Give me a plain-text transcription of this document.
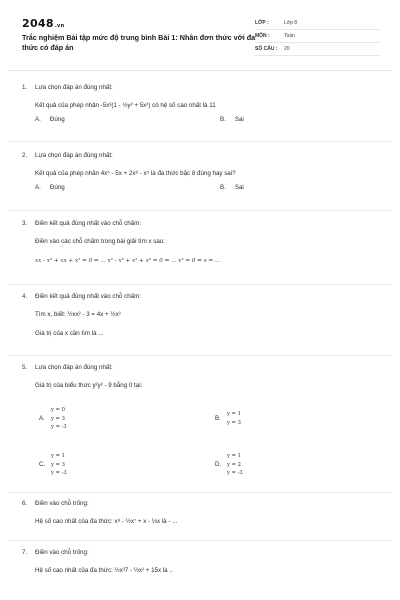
2048.vn
Trắc nghiệm Bài tập mức độ trung bình Bài 1: Nhân đơn thức với đa thức có đáp án
LỚP :	Lớp 8
MÔN :	Toán
SỐ CÂU :	20
1.	Lựa chọn đáp án đúng nhất:
Kết quả của phép nhân -5x³(1 - ½y² + 5x²) có hệ số cao nhất là 11
A. Đúng	B. Sai
2.	Lựa chọn đáp án đúng nhất:
Kết quả của phép nhân 4x⁵ - 5x + 2x⁸ - x⁵ là đa thức bậc 8 đúng hay sai?
A. Đúng	B. Sai
3.	Điền kết quả đúng nhất vào chỗ chấm:
Điền vào các chỗ chấm trong bài giải tìm x sau:
xx - x² + xx + x² = 0 ⇔ ... x² - x³ + x² + x³ = 0 ⇔ ... x² = 0 ⇔ x = ...
4.	Điền kết quả đúng nhất vào chỗ chấm:
Tìm x, biết: ½xx² - 3 = 4x + ½x³
Giá trị của x cần tìm là ...
5.	Lựa chọn đáp án đúng nhất:
Giá trị của biểu thức y²y² - 9 bằng 0 tại:
A.
y = 0
y = 3
y = -3
B.
y = 1
y = 3
C.
y = 1
y = 3
y = -3
D.
y = 1
y = 2
y = -3
6.	Điền vào chỗ trống:
Hệ số cao nhất của đa thức: x⁸ - ½x⁷ + x - ⅓x là - ...
7.	Điền vào chỗ trống:
Hệ số cao nhất của đa thức: ½x³7 - ½x² + 15x là ..
